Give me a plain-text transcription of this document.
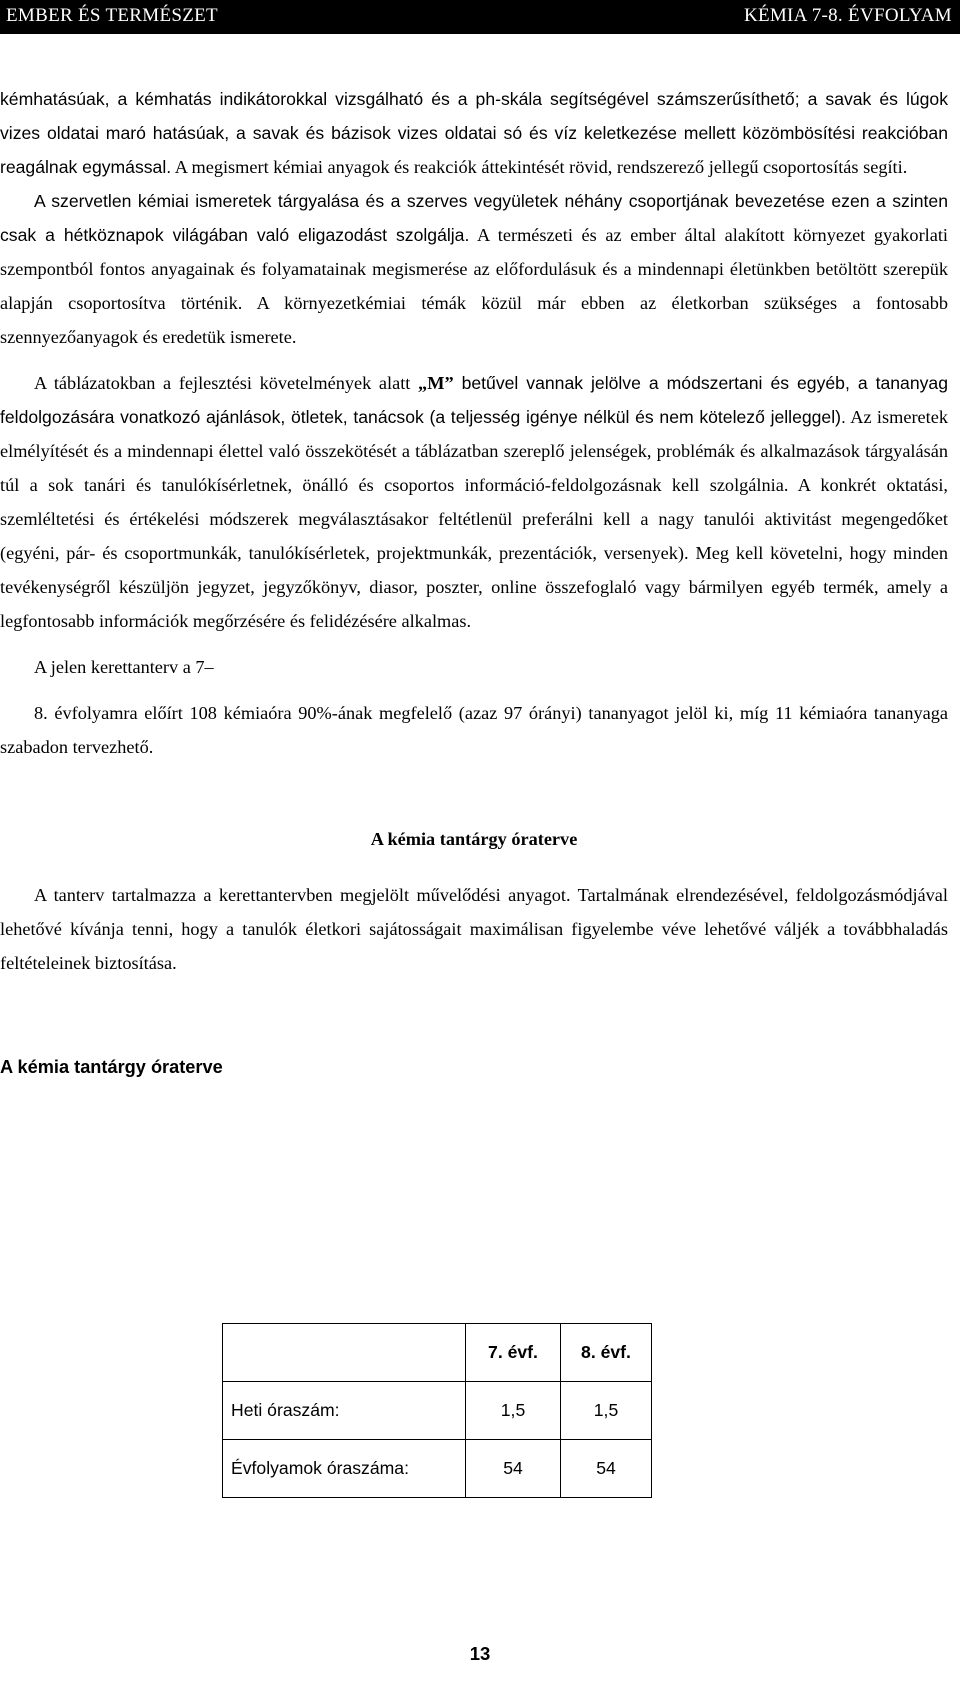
EMBER ÉS TERMÉSZET	KÉMIA 7-8. ÉVFOLYAM

kémhatásúak, a kémhatás indikátorokkal vizsgálható és a ph-skála segítségével számszerűsíthető; a savak és lúgok vizes oldatai maró hatásúak, a savak és bázisok vizes oldatai só és víz keletkezése mellett közömbösítési reakcióban reagálnak egymással. A megismert kémiai anyagok és reakciók áttekintését rövid, rendszerező jellegű csoportosítás segíti.

A szervetlen kémiai ismeretek tárgyalása és a szerves vegyületek néhány csoportjának bevezetése ezen a szinten csak a hétköznapok világában való eligazodást szolgálja. A természeti és az ember által alakított környezet gyakorlati szempontból fontos anyagainak és folyamatainak megismerése az előfordulásuk és a mindennapi életünkben betöltött szerepük alapján csoportosítva történik. A környezetkémiai témák közül már ebben az életkorban szükséges a fontosabb szennyezőanyagok és eredetük ismerete.

A táblázatokban a fejlesztési követelmények alatt „M” betűvel vannak jelölve a módszertani és egyéb, a tananyag feldolgozására vonatkozó ajánlások, ötletek, tanácsok (a teljesség igénye nélkül és nem kötelező jelleggel). Az ismeretek elmélyítését és a mindennapi élettel való összekötését a táblázatban szereplő jelenségek, problémák és alkalmazások tárgyalásán túl a sok tanári és tanulókísérletnek, önálló és csoportos információ-feldolgozásnak kell szolgálnia. A konkrét oktatási, szemléltetési és értékelési módszerek megválasztásakor feltétlenül preferálni kell a nagy tanulói aktivitást megengedőket (egyéni, pár- és csoportmunkák, tanulókísérletek, projektmunkák, prezentációk, versenyek). Meg kell követelni, hogy minden tevékenységről készüljön jegyzet, jegyzőkönyv, diasor, poszter, online összefoglaló vagy bármilyen egyéb termék, amely a legfontosabb információk megőrzésére és felidézésére alkalmas.

A jelen kerettanterv a 7–

8. évfolyamra előírt 108 kémiaóra 90%-ának megfelelő (azaz 97 órányi) tananyagot jelöl ki, míg 11 kémiaóra tananyaga szabadon tervezhető.

A kémia tantárgy óraterve

A tanterv tartalmazza a kerettantervben megjelölt művelődési anyagot. Tartalmának elrendezésével, feldolgozásmódjával lehetővé kívánja tenni, hogy a tanulók életkori sajátosságait maximálisan figyelembe véve lehetővé váljék a továbbhaladás feltételeinek biztosítása.

A kémia tantárgy óraterve

	7. évf.	8. évf.
Heti óraszám:	1,5	1,5
Évfolyamok óraszáma:	54	54
13
